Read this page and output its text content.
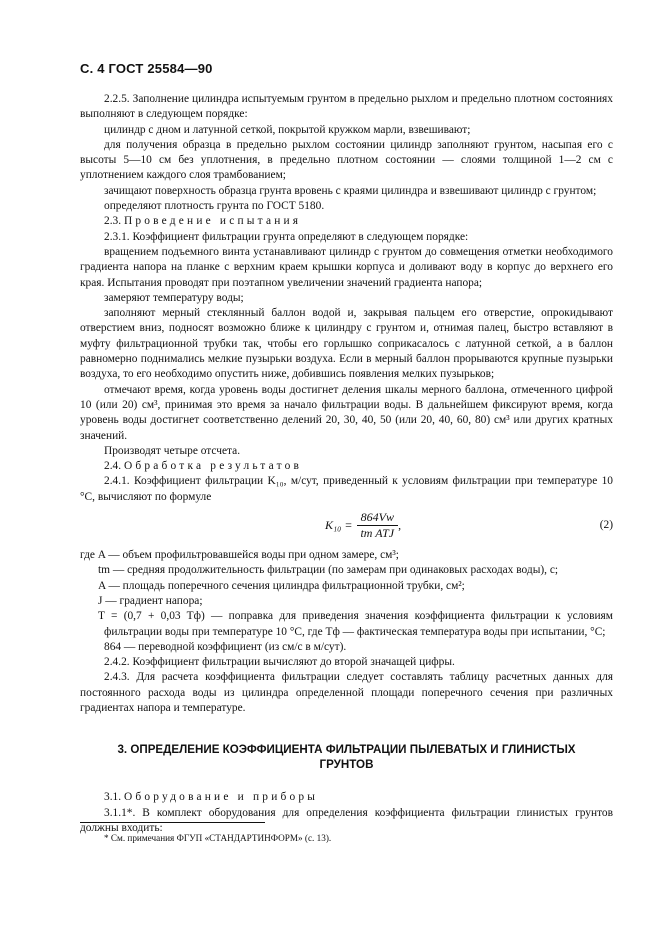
С. 4 ГОСТ 25584—90

2.2.5. Заполнение цилиндра испытуемым грунтом в предельно рыхлом и предельно плотном состояниях выполняют в следующем порядке:

цилиндр с дном и латунной сеткой, покрытой кружком марли, взвешивают;

для получения образца в предельно рыхлом состоянии цилиндр заполняют грунтом, насыпая его с высоты 5—10 см без уплотнения, в предельно плотном состоянии — слоями толщиной 1—2 см с уплотнением каждого слоя трамбованием;

зачищают поверхность образца грунта вровень с краями цилиндра и взвешивают цилиндр с грунтом;

определяют плотность грунта по ГОСТ 5180.

2.3. Проведение испытания

2.3.1. Коэффициент фильтрации грунта определяют в следующем порядке:

вращением подъемного винта устанавливают цилиндр с грунтом до совмещения отметки необходимого градиента напора на планке с верхним краем крышки корпуса и доливают воду в корпус до верхнего его края. Испытания проводят при поэтапном увеличении значений градиента напора;

замеряют температуру воды;

заполняют мерный стеклянный баллон водой и, закрывая пальцем его отверстие, опрокидывают отверстием вниз, подносят возможно ближе к цилиндру с грунтом и, отнимая палец, быстро вставляют в муфту фильтрационной трубки так, чтобы его горлышко соприкасалось с латунной сеткой, а в баллон равномерно поднимались мелкие пузырьки воздуха. Если в мерный баллон прорываются крупные пузырьки воздуха, то его необходимо опустить ниже, добившись появления мелких пузырьков;

отмечают время, когда уровень воды достигнет деления шкалы мерного баллона, отмеченного цифрой 10 (или 20) см³, принимая это время за начало фильтрации воды. В дальнейшем фиксируют время, когда уровень воды достигнет соответственно делений 20, 30, 40, 50 (или 20, 40, 60, 80) см³ или других кратных значений.

Производят четыре отсчета.

2.4. Обработка результатов

2.4.1. Коэффициент фильтрации K₁₀, м/сут, приведенный к условиям фильтрации при температуре 10 °С, вычисляют по формуле

$K_{10} = \frac{864Vw}{\text{tm ATJ}}$ ,	(2)

где A — объем профильтровавшейся воды при одном замере, см³;

tm — средняя продолжительность фильтрации (по замерам при одинаковых расходах воды), с;

A — площадь поперечного сечения цилиндра фильтрационной трубки, см²;

J — градиент напора;

T = (0,7 + 0,03 Tф) — поправка для приведения значения коэффициента фильтрации к условиям фильтрации воды при температуре 10 °С, где Tф — фактическая температура воды при испытании, °С;

864 — переводной коэффициент (из см/с в м/сут).

2.4.2. Коэффициент фильтрации вычисляют до второй значащей цифры.

2.4.3. Для расчета коэффициента фильтрации следует составлять таблицу расчетных данных для постоянного расхода воды из цилиндра определенной площади поперечного сечения при различных градиентах напора и температуре.

3. ОПРЕДЕЛЕНИЕ КОЭФФИЦИЕНТА ФИЛЬТРАЦИИ ПЫЛЕВАТЫХ И ГЛИНИСТЫХ ГРУНТОВ

3.1. Оборудование и приборы

3.1.1*. В комплект оборудования для определения коэффициента фильтрации глинистых грунтов должны входить:

* См. примечания ФГУП «СТАНДАРТИНФОРМ» (с. 13).
